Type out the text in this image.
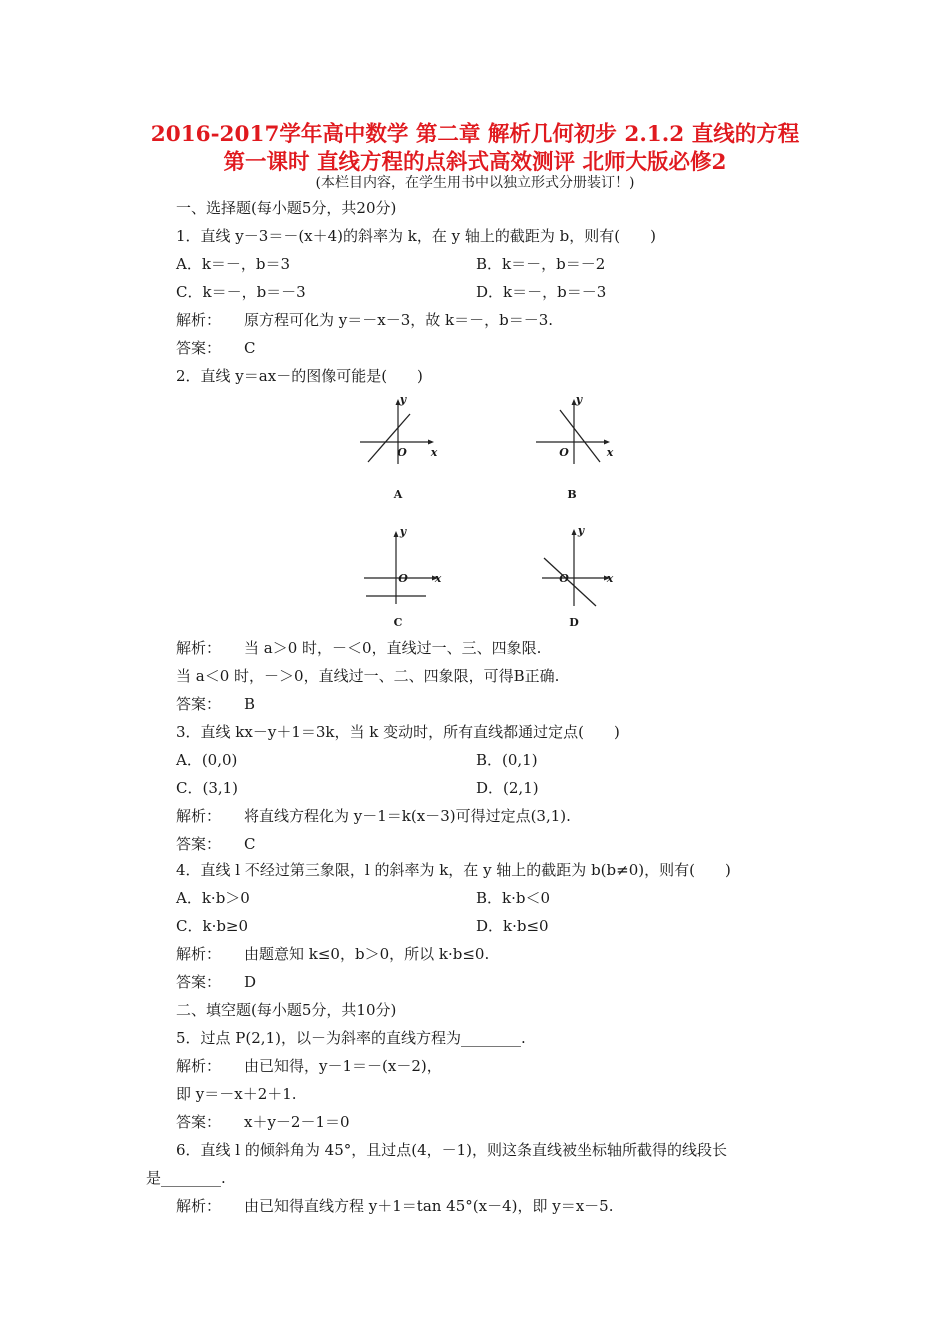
2016-2017学年高中数学 第二章 解析几何初步 2.1.2 直线的方程
第一课时 直线方程的点斜式高效测评 北师大版必修2
(本栏目内容，在学生用书中以独立形式分册装订！)
一、选择题(每小题5分，共20分)
1．直线 y－3＝－(x＋4)的斜率为 k，在 y 轴上的截距为 b，则有(　　)
A．k＝－，b＝3	B．k＝－，b＝－2
C．k＝－，b＝－3	D．k＝－，b＝－3
解析： 原方程可化为 y＝－x－3，故 k＝－，b＝－3.
答案： C
2．直线 y＝ax－的图像可能是(　　)
y
x
O
A
y
x
O
B
y
x
O
C
y
x
O
D
解析： 当 a＞0 时，－＜0，直线过一、三、四象限.
当 a＜0 时，－＞0，直线过一、二、四象限，可得B正确.
答案： B
3．直线 kx－y＋1＝3k，当 k 变动时，所有直线都通过定点(　　)
A．(0,0)	B．(0,1)
C．(3,1)	D．(2,1)
解析： 将直线方程化为 y－1＝k(x－3)可得过定点(3,1).
答案： C
4．直线 l 不经过第三象限，l 的斜率为 k，在 y 轴上的截距为 b(b≠0)，则有(　　)
A．k·b＞0	B．k·b＜0
C．k·b≥0	D．k·b≤0
解析： 由题意知 k≤0，b＞0，所以 k·b≤0.
答案： D
二、填空题(每小题5分，共10分)
5．过点 P(2,1)，以－为斜率的直线方程为________.
解析： 由已知得，y－1＝－(x－2)，
即 y＝－x＋2＋1.
答案： x＋y－2－1＝0
6．直线 l 的倾斜角为 45°，且过点(4，－1)，则这条直线被坐标轴所截得的线段长
是________.
解析： 由已知得直线方程 y＋1＝tan 45°(x－4)，即 y＝x－5.
